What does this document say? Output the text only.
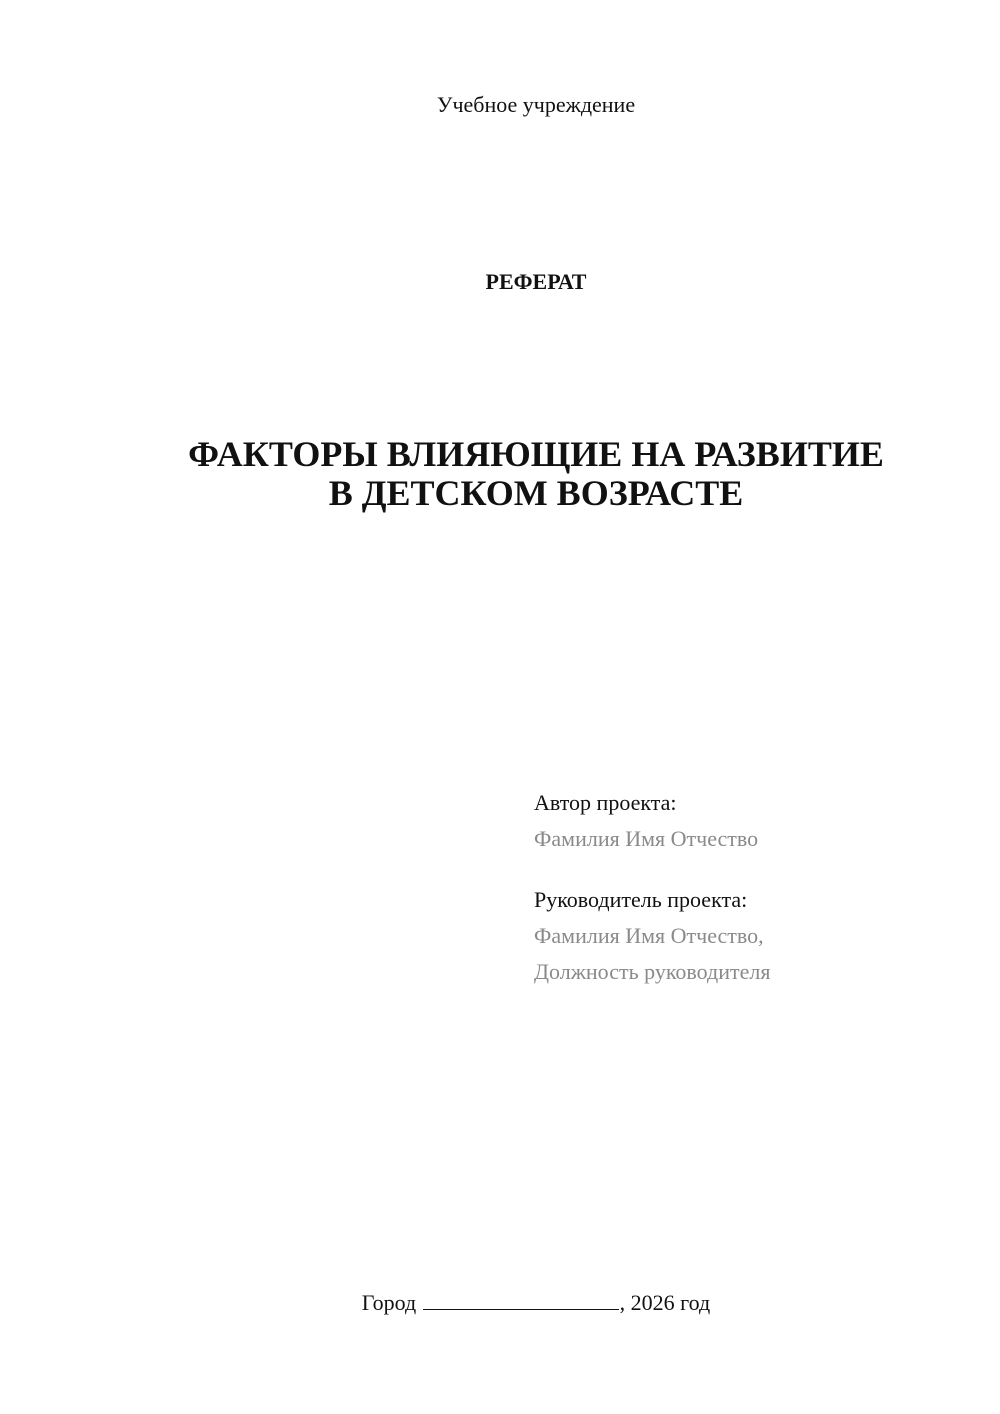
Учебное учреждение
РЕФЕРАТ
ФАКТОРЫ ВЛИЯЮЩИЕ НА РАЗВИТИЕ
В ДЕТСКОМ ВОЗРАСТЕ
Автор проекта:
Фамилия Имя Отчество
Руководитель проекта:
Фамилия Имя Отчество,
Должность руководителя
Город	, 2026 год
